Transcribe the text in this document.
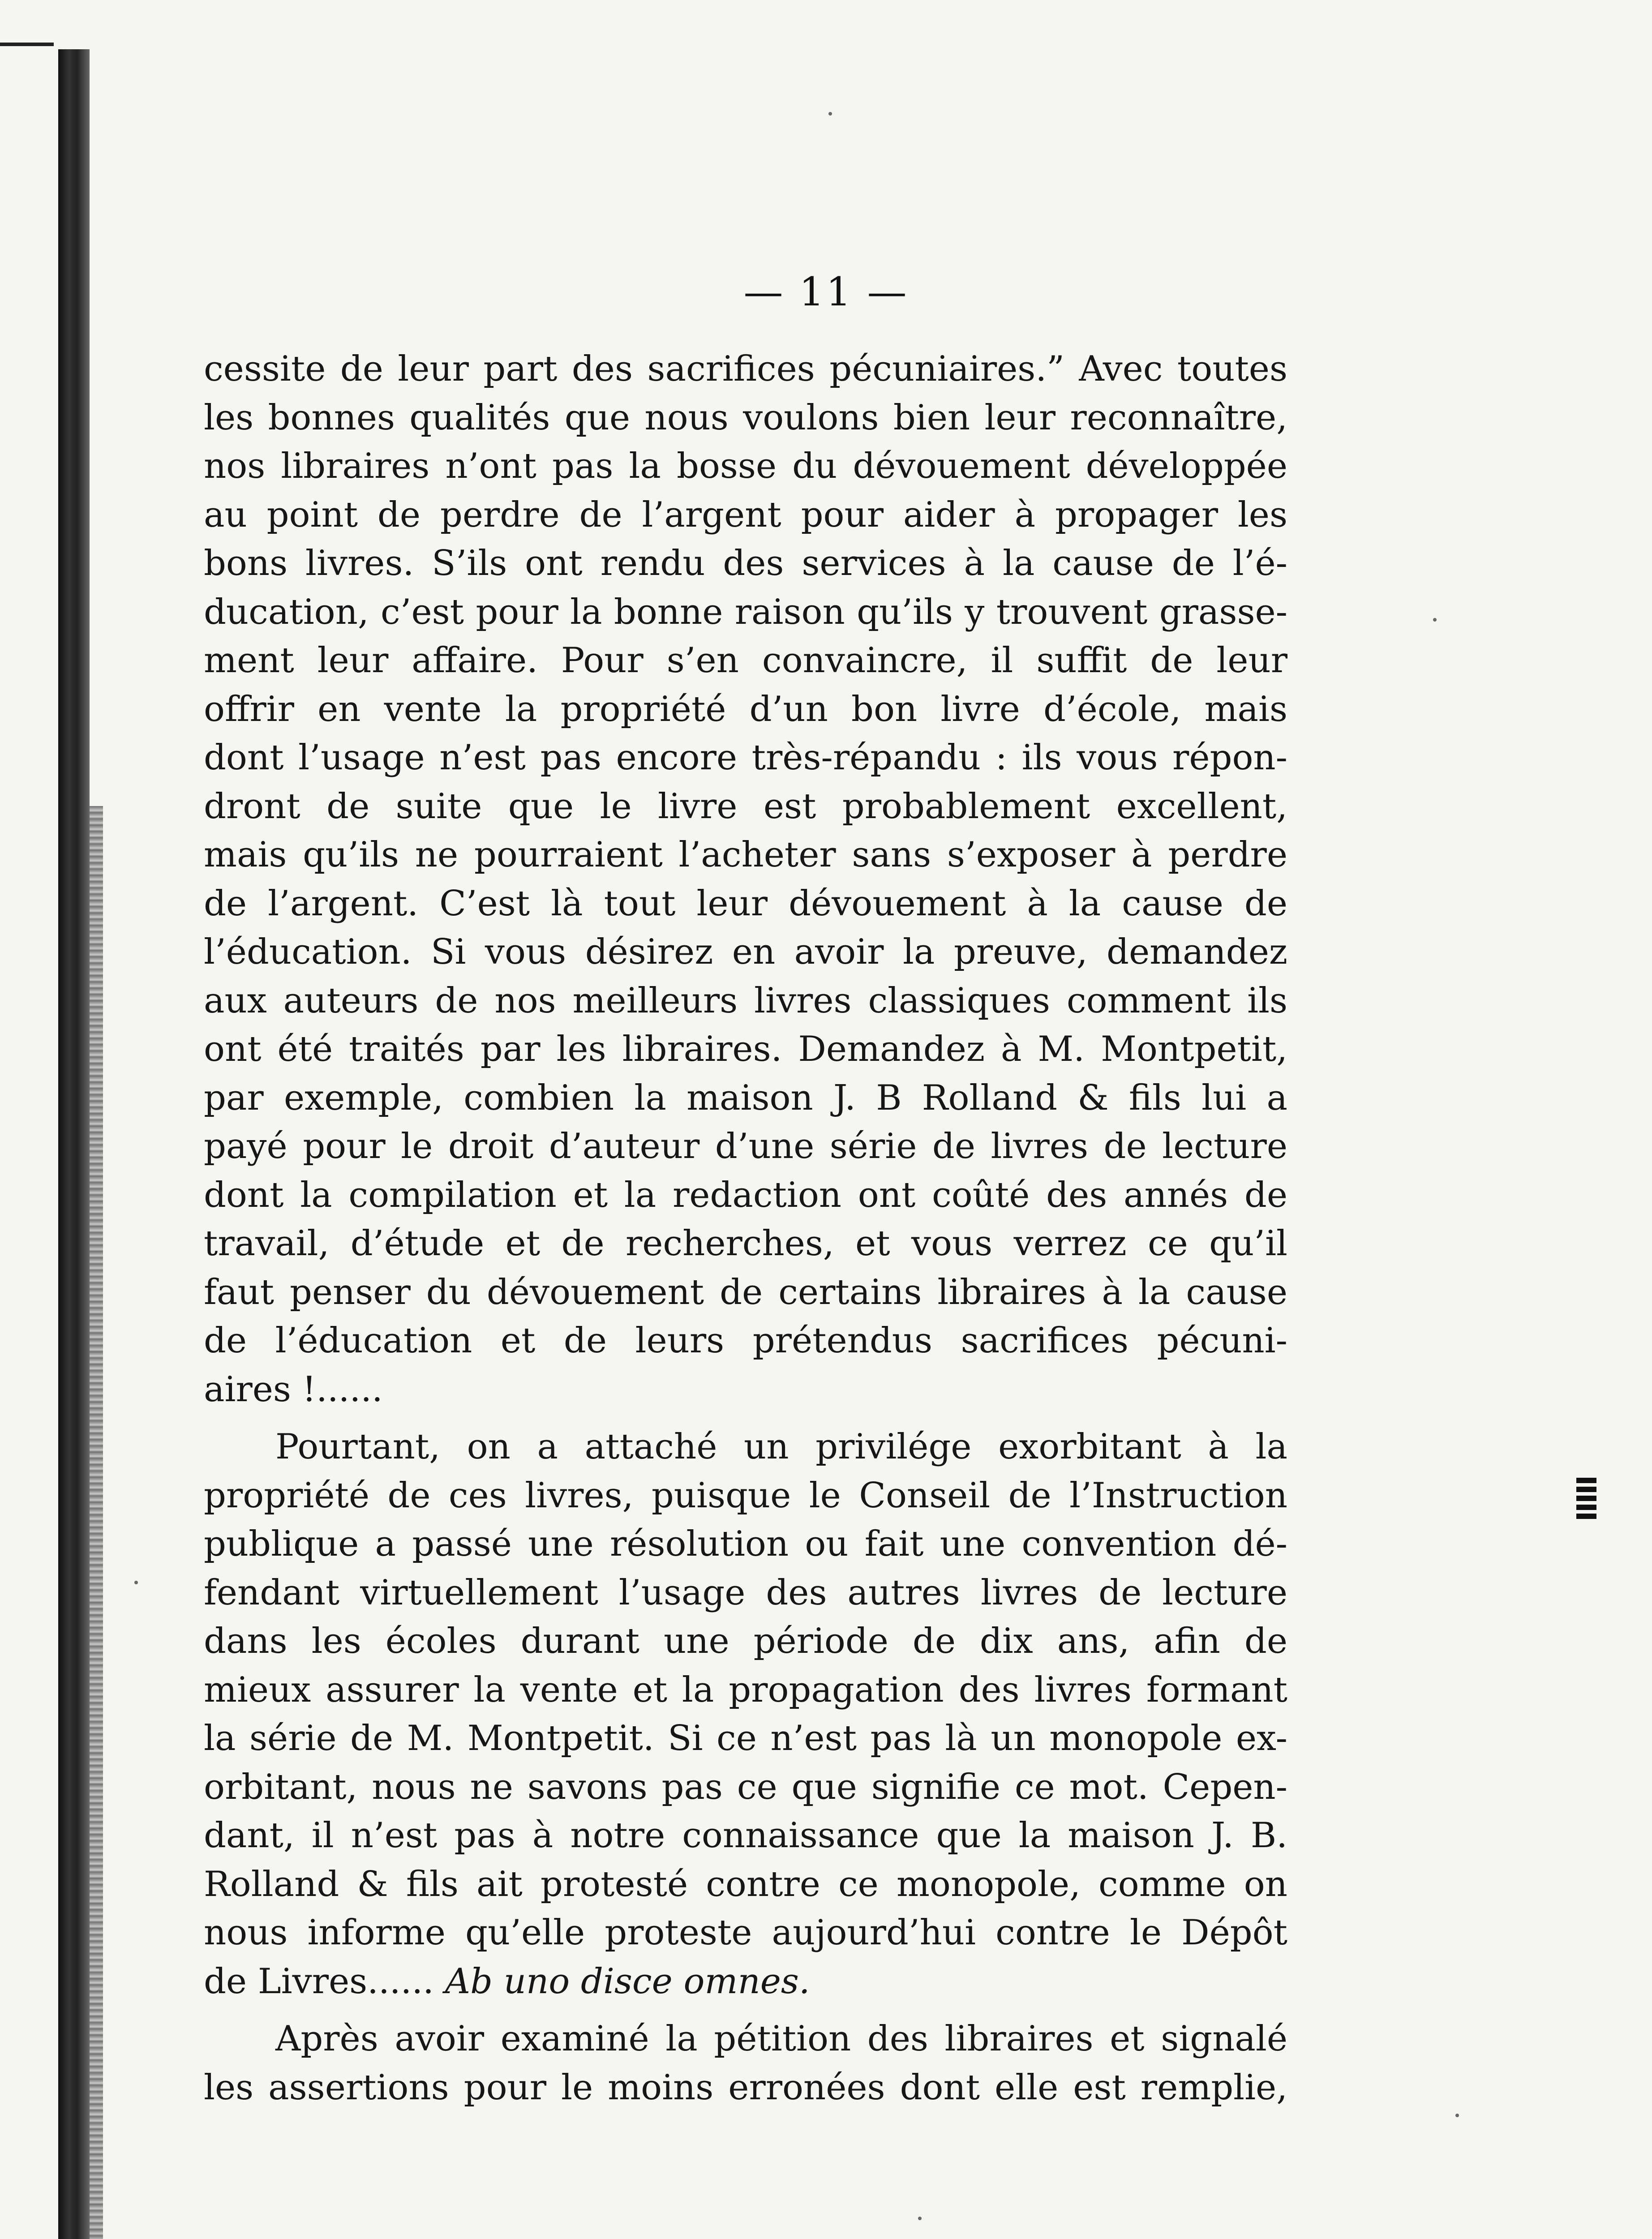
— 11 —
cessite de leur part des sacrifices pécuniaires.” Avec toutes
les bonnes qualités que nous voulons bien leur reconnaître,
nos libraires n’ont pas la bosse du dévouement développée
au point de perdre de l’argent pour aider à propager les
bons livres. S’ils ont rendu des services à la cause de l’é-
ducation, c’est pour la bonne raison qu’ils y trouvent grasse-
ment leur affaire. Pour s’en convaincre, il suffit de leur
offrir en vente la propriété d’un bon livre d’école, mais
dont l’usage n’est pas encore très-répandu : ils vous répon-
dront de suite que le livre est probablement excellent,
mais qu’ils ne pourraient l’acheter sans s’exposer à perdre
de l’argent. C’est là tout leur dévouement à la cause de
l’éducation. Si vous désirez en avoir la preuve, demandez
aux auteurs de nos meilleurs livres classiques comment ils
ont été traités par les libraires. Demandez à M. Montpetit,
par exemple, combien la maison J. B Rolland & fils lui a
payé pour le droit d’auteur d’une série de livres de lecture
dont la compilation et la redaction ont coûté des annés de
travail, d’étude et de recherches, et vous verrez ce qu’il
faut penser du dévouement de certains libraires à la cause
de l’éducation et de leurs prétendus sacrifices pécuni-
aires !......
Pourtant, on a attaché un privilége exorbitant à la
propriété de ces livres, puisque le Conseil de l’Instruction
publique a passé une résolution ou fait une convention dé-
fendant virtuellement l’usage des autres livres de lecture
dans les écoles durant une période de dix ans, afin de
mieux assurer la vente et la propagation des livres formant
la série de M. Montpetit. Si ce n’est pas là un monopole ex-
orbitant, nous ne savons pas ce que signifie ce mot. Cepen-
dant, il n’est pas à notre connaissance que la maison J. B.
Rolland & fils ait protesté contre ce monopole, comme on
nous informe qu’elle proteste aujourd’hui contre le Dépôt
de Livres...... Ab uno disce omnes.
Après avoir examiné la pétition des libraires et signalé
les assertions pour le moins erronées dont elle est remplie,
